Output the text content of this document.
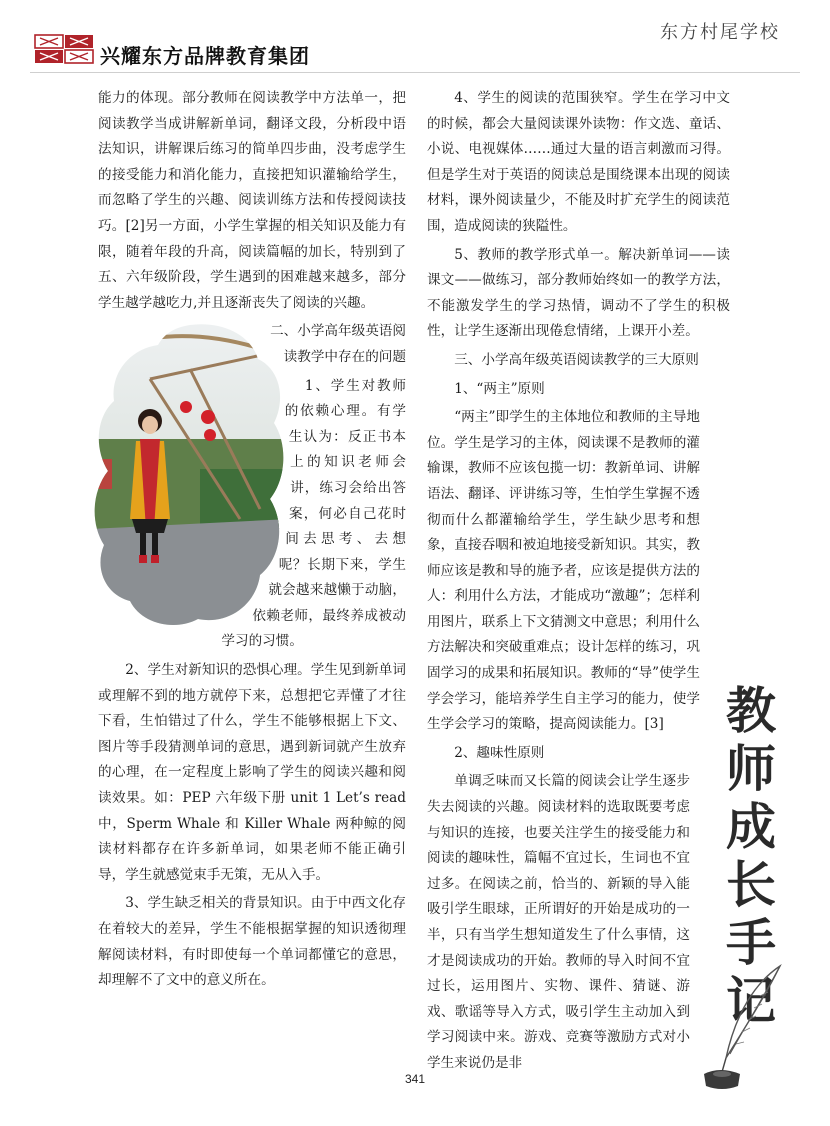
兴耀东方品牌教育集团
东方村尾学校

能力的体现。部分教师在阅读教学中方法单一，把阅读教学当成讲解新单词，翻译文段，分析段中语法知识，讲解课后练习的简单四步曲，没考虑学生的接受能力和消化能力，直接把知识灌输给学生，而忽略了学生的兴趣、阅读训练方法和传授阅读技巧。[2]另一方面，小学生掌握的相关知识及能力有限，随着年段的升高，阅读篇幅的加长，特别到了五、六年级阶段，学生遇到的困难越来越多，部分学生越学越吃力,并且逐渐丧失了阅读的兴趣。

二、小学高年级英语阅读教学中存在的问题

1、学生对教师的依赖心理。有学生认为：反正书本上的知识老师会讲，练习会给出答案，何必自己花时间去思考、去想呢？长期下来，学生就会越来越懒于动脑，依赖老师，最终养成被动学习的习惯。

2、学生对新知识的恐惧心理。学生见到新单词或理解不到的地方就停下来，总想把它弄懂了才往下看，生怕错过了什么，学生不能够根据上下文、图片等手段猜测单词的意思，遇到新词就产生放弃的心理，在一定程度上影响了学生的阅读兴趣和阅读效果。如：PEP 六年级下册 unit 1 Let’s read 中，Sperm Whale 和 Killer Whale 两种鲸的阅读材料都存在许多新单词，如果老师不能正确引导，学生就感觉束手无策，无从入手。

3、学生缺乏相关的背景知识。由于中西文化存在着较大的差异，学生不能根据掌握的知识透彻理解阅读材料，有时即使每一个单词都懂它的意思，却理解不了文中的意义所在。

4、学生的阅读的范围狭窄。学生在学习中文的时候，都会大量阅读课外读物：作文选、童话、小说、电视媒体……通过大量的语言刺激而习得。但是学生对于英语的阅读总是围绕课本出现的阅读材料，课外阅读量少，不能及时扩充学生的阅读范围，造成阅读的狭隘性。

5、教师的教学形式单一。解决新单词——读课文——做练习，部分教师始终如一的教学方法，不能激发学生的学习热情，调动不了学生的积极性，让学生逐渐出现倦怠情绪，上课开小差。

三、小学高年级英语阅读教学的三大原则

1、“两主”原则

“两主”即学生的主体地位和教师的主导地位。学生是学习的主体，阅读课不是教师的灌输课，教师不应该包揽一切：教新单词、讲解语法、翻译、评讲练习等，生怕学生掌握不透彻而什么都灌输给学生，学生缺少思考和想象，直接吞咽和被迫地接受新知识。其实，教师应该是教和导的施予者，应该是提供方法的人：利用什么方法，才能成功“激趣”；怎样利用图片，联系上下文猜测文中意思；利用什么方法解决和突破重难点；设计怎样的练习，巩固学习的成果和拓展知识。教师的“导”使学生学会学习，能培养学生自主学习的能力，使学生学会学习的策略，提高阅读能力。[3]

2、趣味性原则

单调乏味而又长篇的阅读会让学生逐步失去阅读的兴趣。阅读材料的选取既要考虑与知识的连接，也要关注学生的接受能力和阅读的趣味性，篇幅不宜过长，生词也不宜过多。在阅读之前，恰当的、新颖的导入能吸引学生眼球，正所谓好的开始是成功的一半，只有当学生想知道发生了什么事情，这才是阅读成功的开始。教师的导入时间不宜过长，运用图片、实物、课件、猜谜、游戏、歌谣等导入方式，吸引学生主动加入到学习阅读中来。游戏、竞赛等激励方式对小学生来说仍是非

教
师
成
长
手
记
341
